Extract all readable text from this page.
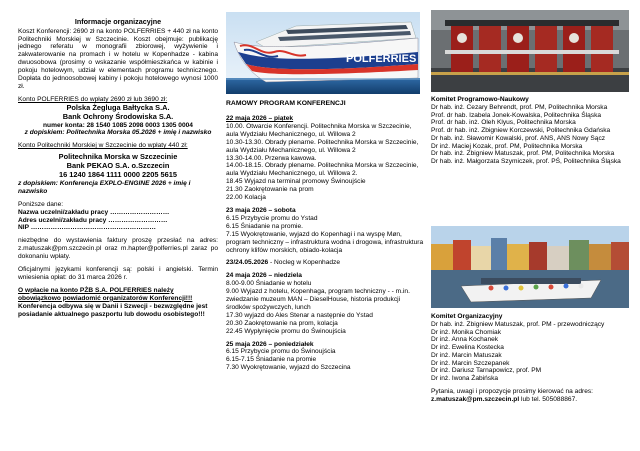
Informacje organizacyjne

Koszt Konferencji: 2690 zł na konto POLFERRIES + 440 zł na konto Politechniki Morskiej w Szczecinie. Koszt obejmuje: publikację jednego referatu w monografii zbiorowej, wyżywienie i zakwaterowanie na promach i w hotelu w Kopenhadze - kabina dwuosobowa (prosimy o wskazanie współmieszkańca w kabinie i pokoju hotelowym, udział w elementach programu technicznego. Dopłata do jednoosobowej kabiny i pokoju hotelowego wynosi 1000 zł.

Konto POLFERRIES do wpłaty 2690 zł lub 3690 zł:

Polska Żegluga Bałtycka S.A.

Bank Ochrony Środowiska S.A.

numer konta: 28 1540 1085 2098 0003 1305 0004

z dopiskiem: Politechnika Morska 05.2026 + imię i nazwisko

Konto Politechniki Morskiej w Szczecinie do wpłaty 440 zł:

Politechnika Morska w Szczecinie

Bank PEKAO S.A. o.Szczecin

16 1240 1864 1111 0000 2205 5615

z dopiskiem: Konferencja EXPLO-ENGINE 2026 + imię i nazwisko

Poniższe dane:

Nazwa uczelni/zakładu pracy ………………………

Adres uczelni/zakładu pracy ………………………

NIP …………………………………………………

niezbędne do wystawienia faktury proszę przesłać na adres: z.matuszak@pm.szczecin.pl oraz m.hapter@polferries.pl zaraz po dokonaniu wpłaty.

Oficjalnymi językami konferencji są: polski i angielski. Termin wniesienia opłat: do 31 marca 2026 r.

O wpłacie na konto PŻB S.A. POLFERRIES należy obowiązkowo powiadomić organizatorów Konferencji!!!

Konferencja odbywa się w Danii i Szwecji - bezwzględne jest posiadanie aktualnego paszportu lub dowodu osobistego!!!

POLFERRIES
RAMOWY PROGRAM KONFERENCJI

22 maja 2026 – piątek

10.00. Otwarcie Konferencji. Politechnika Morska w Szczecinie, aula Wydziału Mechanicznego, ul. Willowa 2

10.30-13.30. Obrady plenarne. Politechnika Morska w Szczecinie, aula Wydziału Mechanicznego, ul. Willowa 2

13.30-14.00. Przerwa kawowa.

14.00-18.15. Obrady plenarne. Politechnika Morska w Szczecinie, aula Wydziału Mechanicznego, ul. Willowa 2.

18.45 Wyjazd na terminal promowy Świnoujście

21.30 Zaokrętowanie na prom

22.00 Kolacja

23 maja 2026 – sobota

6.15 Przybycie promu do Ystad

6.15 Śniadanie na promie.

7.15 Wyokrętowanie, wyjazd do Kopenhagi i na wyspę Møn, program techniczny – infrastruktura wodna i drogowa, infrastruktura ochrony klifów morskich, obiado-kolacja

23/24.05.2026 - Nocleg w Kopenhadze

24 maja 2026 – niedziela

8.00-9.00 Śniadanie w hotelu

9.00 Wyjazd z hotelu, Kopenhaga, program techniczny - - m.in. zwiedzanie muzeum MAN – DieselHouse, historia produkcji środków spożywczych, lunch

17.30 wyjazd do Ales Stenar a następnie do Ystad

20.30 Zaokrętowanie na prom, kolacja

22.45 Wypłynięcie promu do Świnoujścia

25 maja 2026 – poniedziałek

6.15 Przybycie promu do Świnoujścia

6.15-7.15 Śniadanie na promie

7.30 Wyokrętowanie, wyjazd do Szczecina

Komitet Programowo-Naukowy

Dr hab. inż. Cezary Behrendt, prof. PM, Politechnika Morska

Prof. dr hab. Izabela Jonek-Kowalska, Politechnika Śląska

Prof. dr hab. inż. Oleh Klyus, Politechnika Morska

Prof. dr hab. inż. Zbigniew Korczewski, Politechnika Gdańska

Dr hab. inż. Sławomir Kowalski, prof. ANS, ANS Nowy Sącz

Dr inż. Maciej Kozak, prof. PM, Politechnika Morska

Dr hab. inż. Zbigniew Matuszak, prof. PM, Politechnika Morska

Dr hab. inż. Małgorzata Szymiczek, prof. PŚ, Politechnika Śląska

Komitet Organizacyjny

Dr hab. inż. Zbigniew Matuszak, prof. PM - przewodniczący

Dr inż. Monika Chomiak

Dr inż. Anna Kochanek

Dr inż. Ewelina Kostecka

Dr inż. Marcin Matuszak

Dr inż. Marcin Szczepanek

Dr inż. Dariusz Tarnapowicz, prof. PM

Dr inż. Iwona Żabińska

Pytania, uwagi i propozycje prosimy kierować na adres:

z.matuszak@pm.szczecin.pl lub tel. 505088867.
